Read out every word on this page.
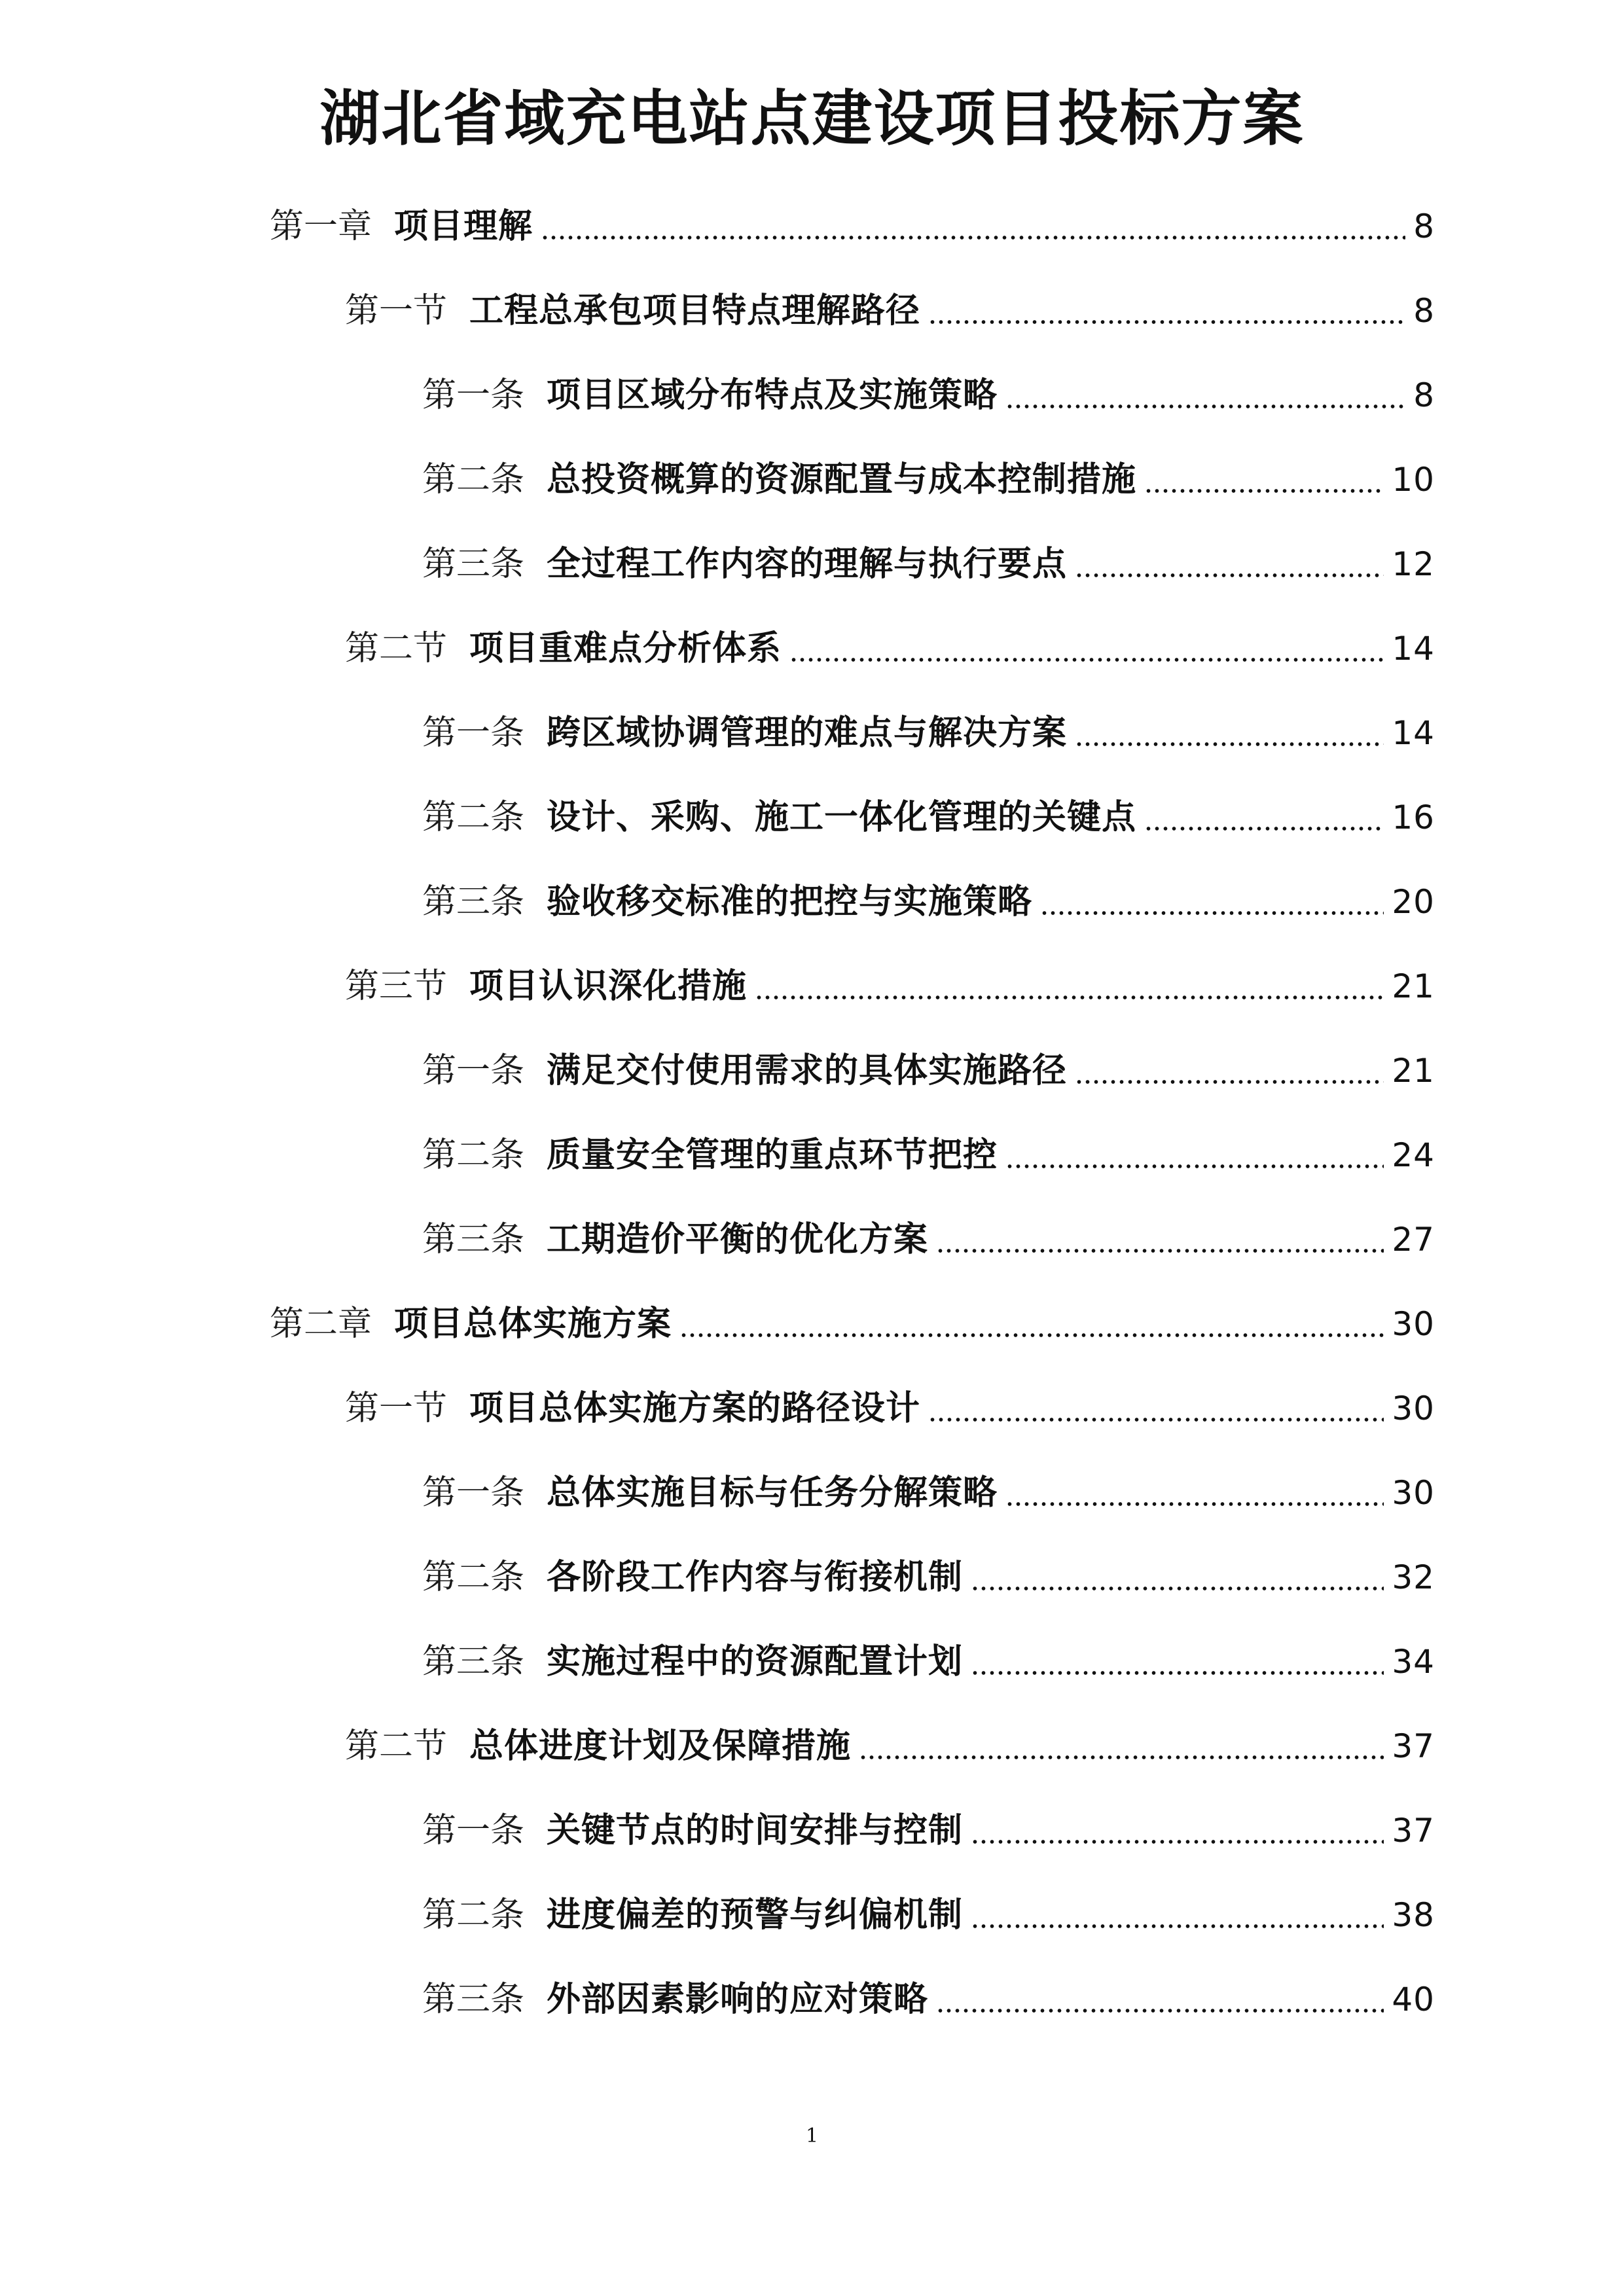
湖北省域充电站点建设项目投标方案
第一章 项目理解	8
第一节 工程总承包项目特点理解路径	8
第一条 项目区域分布特点及实施策略	8
第二条 总投资概算的资源配置与成本控制措施	10
第三条 全过程工作内容的理解与执行要点	12
第二节 项目重难点分析体系	14
第一条 跨区域协调管理的难点与解决方案	14
第二条 设计、采购、施工一体化管理的关键点	16
第三条 验收移交标准的把控与实施策略	20
第三节 项目认识深化措施	21
第一条 满足交付使用需求的具体实施路径	21
第二条 质量安全管理的重点环节把控	24
第三条 工期造价平衡的优化方案	27
第二章 项目总体实施方案	30
第一节 项目总体实施方案的路径设计	30
第一条 总体实施目标与任务分解策略	30
第二条 各阶段工作内容与衔接机制	32
第三条 实施过程中的资源配置计划	34
第二节 总体进度计划及保障措施	37
第一条 关键节点的时间安排与控制	37
第二条 进度偏差的预警与纠偏机制	38
第三条 外部因素影响的应对策略	40
1
